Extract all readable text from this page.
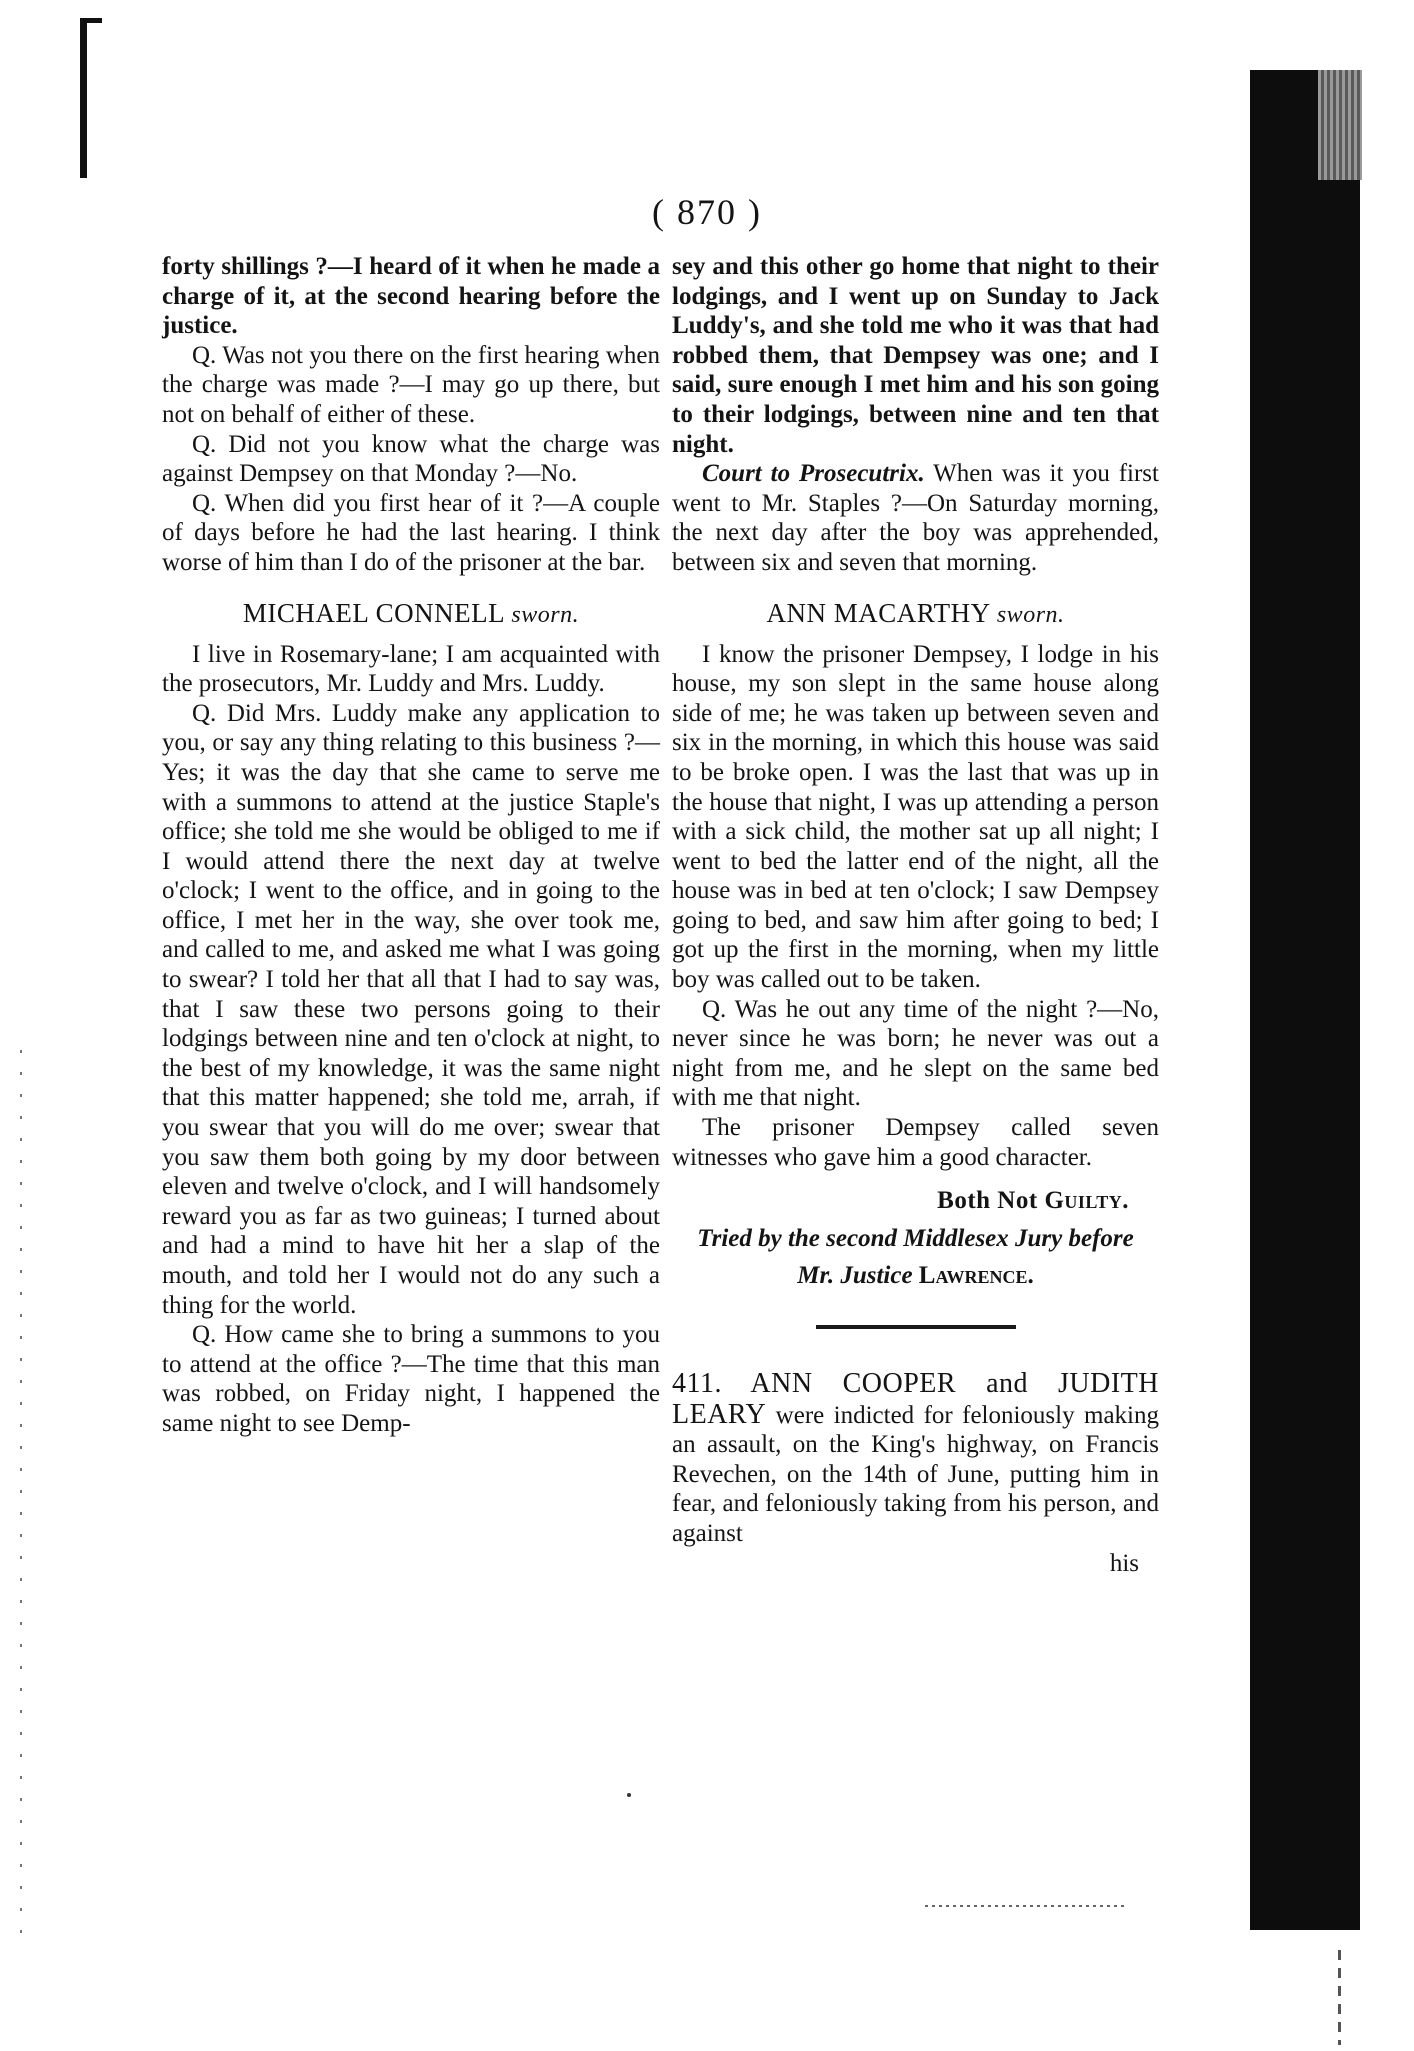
( 870 )

forty shillings ?—I heard of it when he made a charge of it, at the second hearing before the justice.

Q. Was not you there on the first hearing when the charge was made ?—I may go up there, but not on behalf of either of these.

Q. Did not you know what the charge was against Dempsey on that Monday ?—No.

Q. When did you first hear of it ?—A couple of days before he had the last hearing. I think worse of him than I do of the prisoner at the bar.

MICHAEL CONNELL sworn.

I live in Rosemary-lane; I am acquainted with the prosecutors, Mr. Luddy and Mrs. Luddy.

Q. Did Mrs. Luddy make any application to you, or say any thing relating to this business ?—Yes; it was the day that she came to serve me with a summons to attend at the justice Staple's office; she told me she would be obliged to me if I would attend there the next day at twelve o'clock; I went to the office, and in going to the office, I met her in the way, she over took me, and called to me, and asked me what I was going to swear? I told her that all that I had to say was, that I saw these two persons going to their lodgings between nine and ten o'clock at night, to the best of my knowledge, it was the same night that this matter happened; she told me, arrah, if you swear that you will do me over; swear that you saw them both going by my door between eleven and twelve o'clock, and I will handsomely reward you as far as two guineas; I turned about and had a mind to have hit her a slap of the mouth, and told her I would not do any such a thing for the world.

Q. How came she to bring a summons to you to attend at the office ?—The time that this man was robbed, on Friday night, I happened the same night to see Demp-

sey and this other go home that night to their lodgings, and I went up on Sunday to Jack Luddy's, and she told me who it was that had robbed them, that Dempsey was one; and I said, sure enough I met him and his son going to their lodgings, between nine and ten that night.

Court to Prosecutrix. When was it you first went to Mr. Staples ?—On Saturday morning, the next day after the boy was apprehended, between six and seven that morning.

ANN MACARTHY sworn.

I know the prisoner Dempsey, I lodge in his house, my son slept in the same house along side of me; he was taken up between seven and six in the morning, in which this house was said to be broke open. I was the last that was up in the house that night, I was up attending a person with a sick child, the mother sat up all night; I went to bed the latter end of the night, all the house was in bed at ten o'clock; I saw Dempsey going to bed, and saw him after going to bed; I got up the first in the morning, when my little boy was called out to be taken.

Q. Was he out any time of the night ?—No, never since he was born; he never was out a night from me, and he slept on the same bed with me that night.

The prisoner Dempsey called seven witnesses who gave him a good character.

Both Not Guilty.
Tried by the second Middlesex Jury before
Mr. Justice Lawrence.

411. ANN COOPER and JUDITH LEARY were indicted for feloniously making an assault, on the King's highway, on Francis Revechen, on the 14th of June, putting him in fear, and feloniously taking from his person, and against

his
